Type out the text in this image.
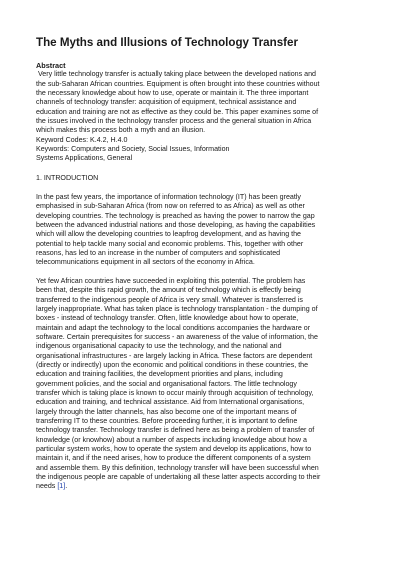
The Myths and Illusions of Technology Transfer
Abstract
Very little technology transfer is actually taking place between the developed nations and
the sub-Saharan African countries. Equipment is often brought into these countries without
the necessary knowledge about how to use, operate or maintain it. The three important
channels of technology transfer: acquisition of equipment, technical assistance and
education and training are not as effective as they could be. This paper examines some of
the issues involved in the technology transfer process and the general situation in Africa
which makes this process both a myth and an illusion.
Keyword Codes: K.4.2, H.4.0
Keywords: Computers and Society, Social Issues, Information
Systems Applications, General
1. INTRODUCTION
In the past few years, the importance of information technology (IT) has been greatly
emphasised in sub-Saharan Africa (from now on referred to as Africa) as well as other
developing countries. The technology is preached as having the power to narrow the gap
between the advanced industrial nations and those developing, as having the capabilities
which will allow the developing countries to leapfrog development, and as having the
potential to help tackle many social and economic problems. This, together with other
reasons, has led to an increase in the number of computers and sophisticated
telecommunications equipment in all sectors of the economy in Africa.
Yet few African countries have succeeded in exploiting this potential. The problem has
been that, despite this rapid growth, the amount of technology which is effectly being
transferred to the indigenous people of Africa is very small. Whatever is transferred is
largely inappropriate. What has taken place is technology transplantation - the dumping of
boxes - instead of technology transfer. Often, little knowledge about how to operate,
maintain and adapt the technology to the local conditions accompanies the hardware or
software. Certain prerequisites for success - an awareness of the value of information, the
indigenous organisational capacity to use the technology, and the national and
organisational infrastructures - are largely lacking in Africa. These factors are dependent
(directly or indirectly) upon the economic and political conditions in these countries, the
education and training facilities, the development priorities and plans, including
government policies, and the social and organisational factors. The little technology
transfer which is taking place is known to occur mainly through acquisition of technology,
education and training, and technical assistance. Aid from International organisations,
largely through the latter channels, has also become one of the important means of
transferring IT to these countries. Before proceeding further, it is important to define
technology transfer. Technology transfer is defined here as being a problem of transfer of
knowledge (or knowhow) about a number of aspects including knowledge about how a
particular system works, how to operate the system and develop its applications, how to
maintain it, and if the need arises, how to produce the different components of a system
and assemble them. By this definition, technology transfer will have been successful when
the indigenous people are capable of undertaking all these latter aspects according to their
needs [1].
